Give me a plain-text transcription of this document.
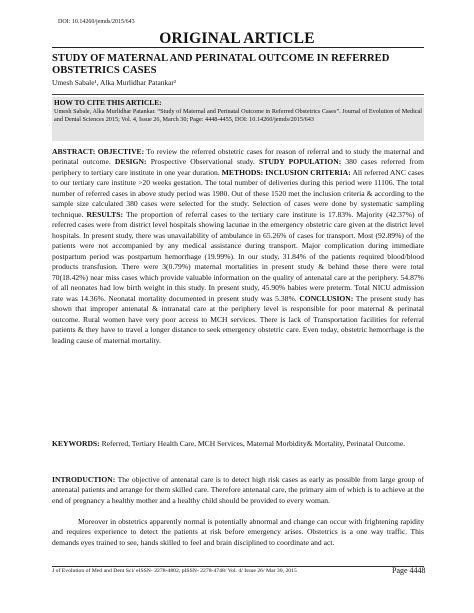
DOI: 10.14260/jemds/2015/643
ORIGINAL ARTICLE
STUDY OF MATERNAL AND PERINATAL OUTCOME IN REFERRED OBSTETRICS CASES
Umesh Sabale¹, Alka Murlidhar Patankar²
HOW TO CITE THIS ARTICLE:
Umesh Sabale, Alka Murlidhar Patankar. “Study of Maternal and Perinatal Outcome in Referred Obstetrics Cases”. Journal of Evolution of Medical and Dental Sciences 2015; Vol. 4, Issue 26, March 30; Page: 4448-4455, DOI: 10.14260/jemds/2015/643
ABSTRACT: OBJECTIVE: To review the referred obstetric cases for reason of referral and to study the maternal and perinatal outcome. DESIGN: Prospective Observational study. STUDY POPULATION: 380 cases referred from periphery to tertiary care institute in one year duration. METHODS: INCLUSION CRITERIA: All referred ANC cases to our tertiary care institute >20 weeks gestation. The total number of deliveries during this period were 11106. The total number of referred cases in above study period was 1980. Out of these 1520 met the inclusion criteria & according to the sample size calculated 380 cases were selected for the study. Selection of cases were done by systematic sampling technique. RESULTS: The proportion of referral cases to the tertiary care institute is 17.83%. Majority (42.37%) of referred cases were from district level hospitals showing lacunae in the emergency obstetric care given at the district level hospitals. In present study, there was unavailability of ambulance in 65.26% of cases for transport. Most (92.89%) of the patients were not accompanied by any medical assistance during transport. Major complication during immediate postpartum period was postpartum hemorrhage (19.99%). In our study, 31.84% of the patients required blood/blood products transfusion. There were 3(0.79%) maternal mortalities in present study & behind these there were total 70(18.42%) near miss cases which provide valuable information on the quality of antenatal care at the periphery. 54.87% of all neonates had low birth weight in this study. In present study, 45.90% babies were preterm. Total NICU admission rate was 14.36%. Neonatal mortality documented in present study was 5.38%. CONCLUSION: The present study has shown that improper antenatal & intranatal care at the periphery level is responsible for poor maternal & perinatal outcome. Rural women have very poor access to MCH services. There is lack of Transportation facilities for referral patients & they have to travel a longer distance to seek emergency obstetric care. Even today, obstetric hemorrhage is the leading cause of maternal mortality.
KEYWORDS: Referred, Tertiary Health Care, MCH Services, Maternal Morbidity& Mortality, Perinatal Outcome.
INTRODUCTION: The objective of antenatal care is to detect high risk cases as early as possible from large group of antenatal patients and arrange for them skilled care. Therefore antenatal care, the primary aim of which is to achieve at the end of pregnancy a healthy mother and a healthy child should be provided to every woman.
Moreover in obstetrics apparently normal is potentially abnormal and change can occur with frightening rapidity and requires experience to detect the patients at risk before emergency arises. Obstetrics is a one way traffic. This demands eyes trained to see, hands skilled to feel and brain disciplined to coordinate and act.
J of Evolution of Med and Dent Sci/ eISSN- 2278-4802, pISSN- 2278-4748/ Vol. 4/ Issue 26/ Mar 30, 2015	Page 4448
